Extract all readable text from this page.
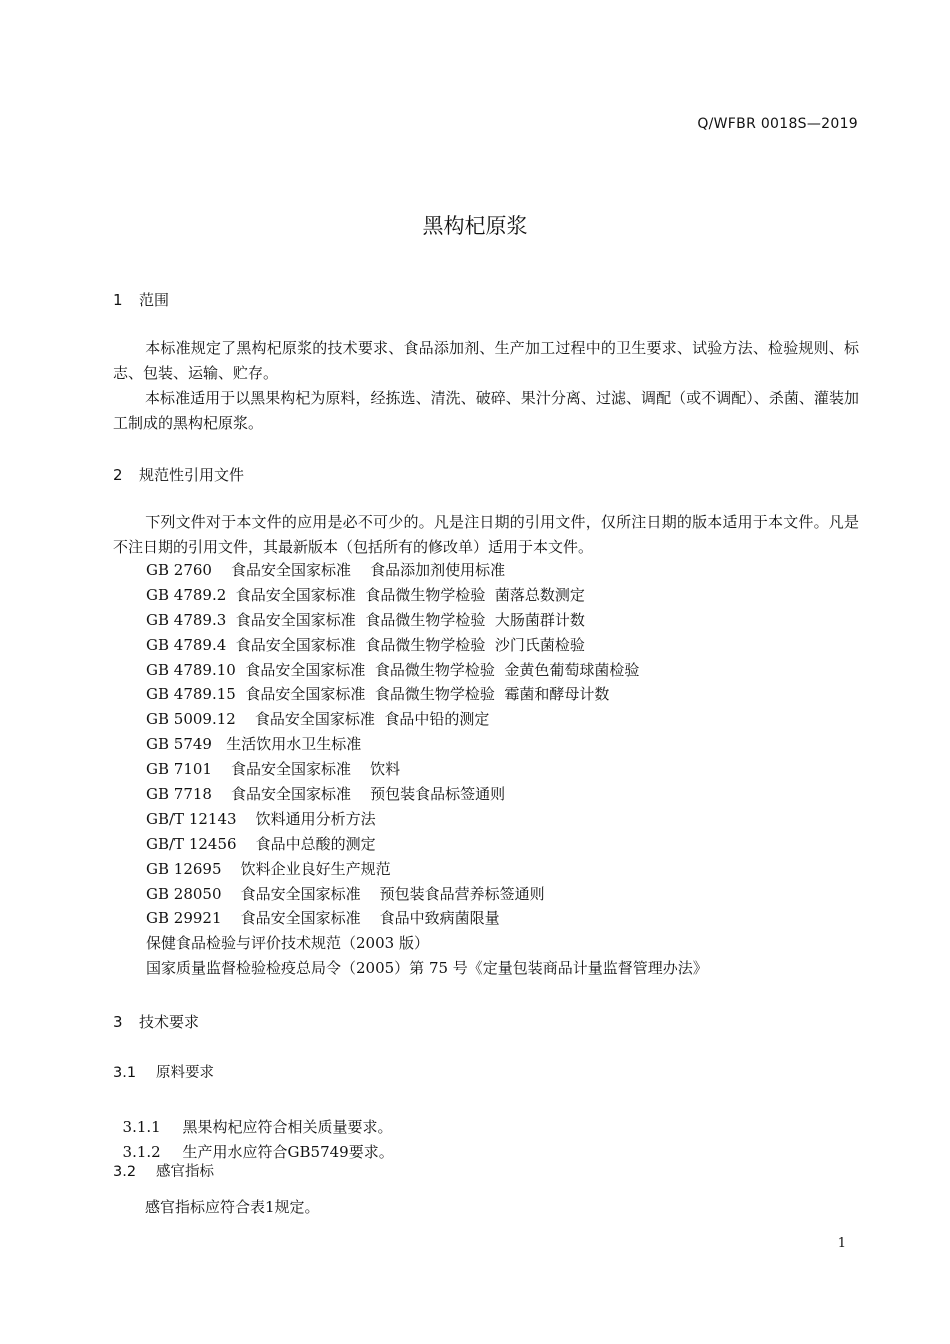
Q/WFBR 0018S—2019
黑构杞原浆
1 范围
本标准规定了黑构杞原浆的技术要求、食品添加剂、生产加工过程中的卫生要求、试验方法、检验规则、标志、包装、运输、贮存。
本标准适用于以黑果构杞为原料，经拣选、清洗、破碎、果汁分离、过滤、调配（或不调配）、杀菌、灌装加工制成的黑构杞原浆。
2 规范性引用文件
下列文件对于本文件的应用是必不可少的。凡是注日期的引用文件，仅所注日期的版本适用于本文件。凡是不注日期的引用文件，其最新版本（包括所有的修改单）适用于本文件。
GB 2760    食品安全国家标准    食品添加剂使用标准
GB 4789.2  食品安全国家标准  食品微生物学检验  菌落总数测定
GB 4789.3  食品安全国家标准  食品微生物学检验  大肠菌群计数
GB 4789.4  食品安全国家标准  食品微生物学检验  沙门氏菌检验
GB 4789.10  食品安全国家标准  食品微生物学检验  金黄色葡萄球菌检验
GB 4789.15  食品安全国家标准  食品微生物学检验  霉菌和酵母计数
GB 5009.12    食品安全国家标准  食品中铅的测定
GB 5749   生活饮用水卫生标准
GB 7101    食品安全国家标准    饮料
GB 7718    食品安全国家标准    预包装食品标签通则
GB/T 12143    饮料通用分析方法
GB/T 12456    食品中总酸的测定
GB 12695    饮料企业良好生产规范
GB 28050    食品安全国家标准    预包装食品营养标签通则
GB 29921    食品安全国家标准    食品中致病菌限量
保健食品检验与评价技术规范（2003 版）
国家质量监督检验检疫总局令（2005）第 75 号《定量包装商品计量监督管理办法》
3 技术要求
3.1 原料要求

3.1.1 黑果构杞应符合相关质量要求。

3.1.2 生产用水应符合GB5749要求。

3.2 感官指标
感官指标应符合表1规定。
1
